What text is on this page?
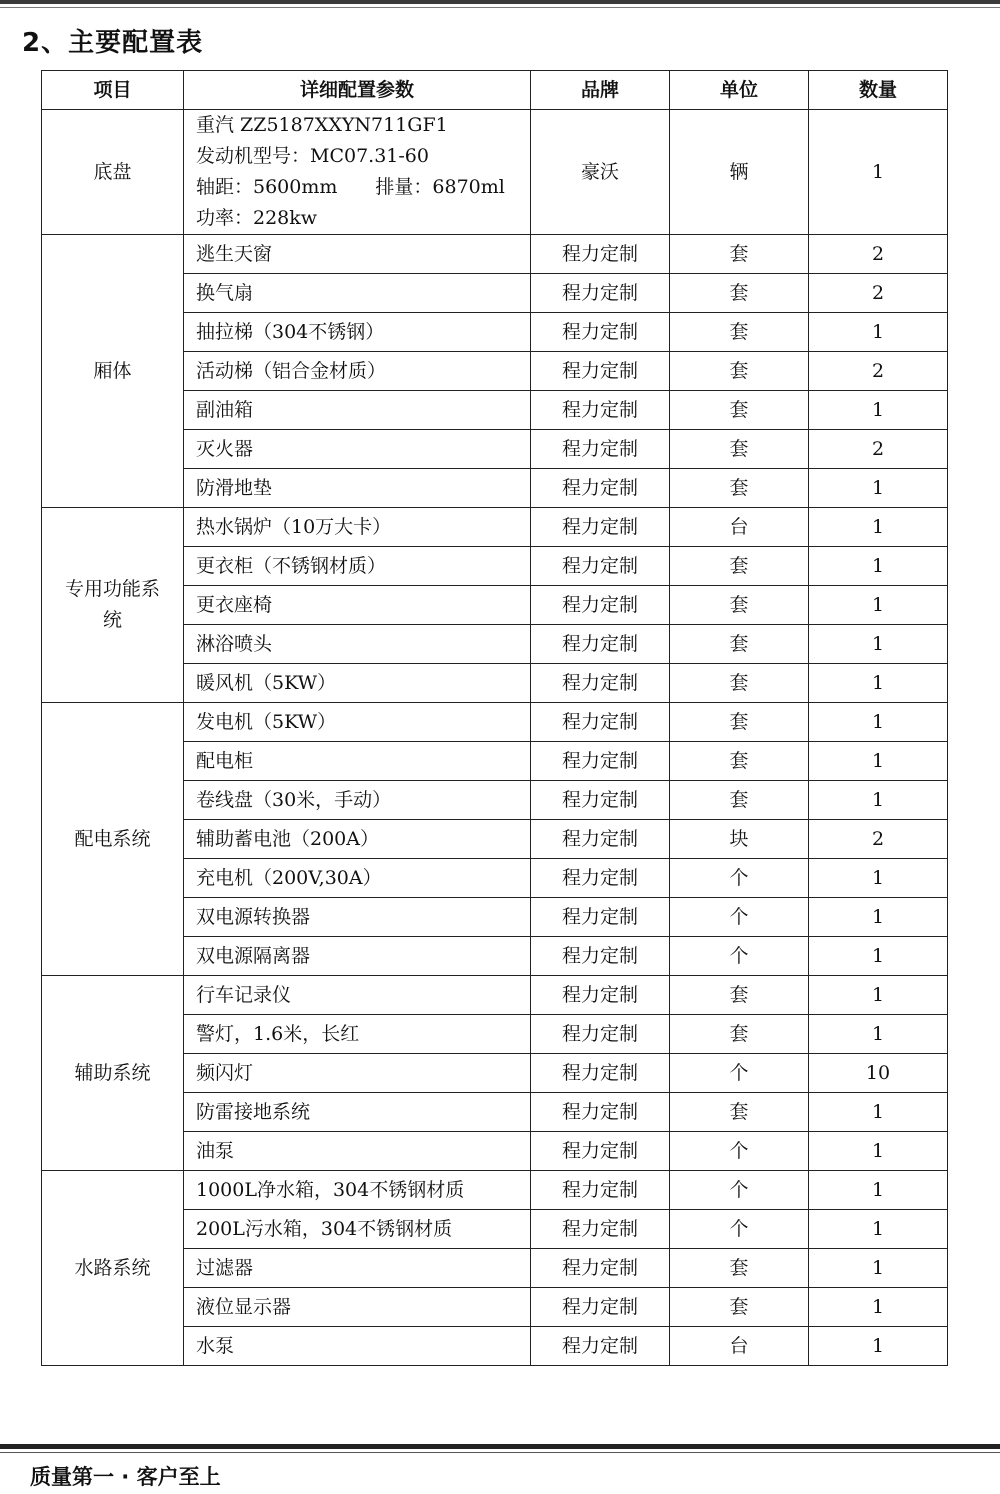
2、主要配置表
项目	详细配置参数	品牌	单位	数量
底盘	重汽 ZZ5187XXYN711GF1
发动机型号：MC07.31-60
轴距：5600mm　　排量：6870ml
功率：228kw	豪沃	辆	1
厢体	逃生天窗	程力定制	套	2
	换气扇	程力定制	套	2
	抽拉梯（304不锈钢）	程力定制	套	1
	活动梯（铝合金材质）	程力定制	套	2
	副油箱	程力定制	套	1
	灭火器	程力定制	套	2
	防滑地垫	程力定制	套	1

专用功能系
统	热水锅炉（10万大卡）	程力定制	台	1
	更衣柜（不锈钢材质）	程力定制	套	1
	更衣座椅	程力定制	套	1
	淋浴喷头	程力定制	套	1
	暖风机（5KW）	程力定制	套	1
配电系统	发电机（5KW）	程力定制	套	1
	配电柜	程力定制	套	1
	卷线盘（30米，手动）	程力定制	套	1
	辅助蓄电池（200A）	程力定制	块	2
	充电机（200V,30A）	程力定制	个	1
	双电源转换器	程力定制	个	1
	双电源隔离器	程力定制	个	1
辅助系统	行车记录仪	程力定制	套	1
	警灯，1.6米，长红	程力定制	套	1
	频闪灯	程力定制	个	10
	防雷接地系统	程力定制	套	1
	油泵	程力定制	个	1
水路系统	1000L净水箱，304不锈钢材质	程力定制	个	1
	200L污水箱，304不锈钢材质	程力定制	个	1
	过滤器	程力定制	套	1
	液位显示器	程力定制	套	1
	水泵	程力定制	台	1
质量第一 · 客户至上
